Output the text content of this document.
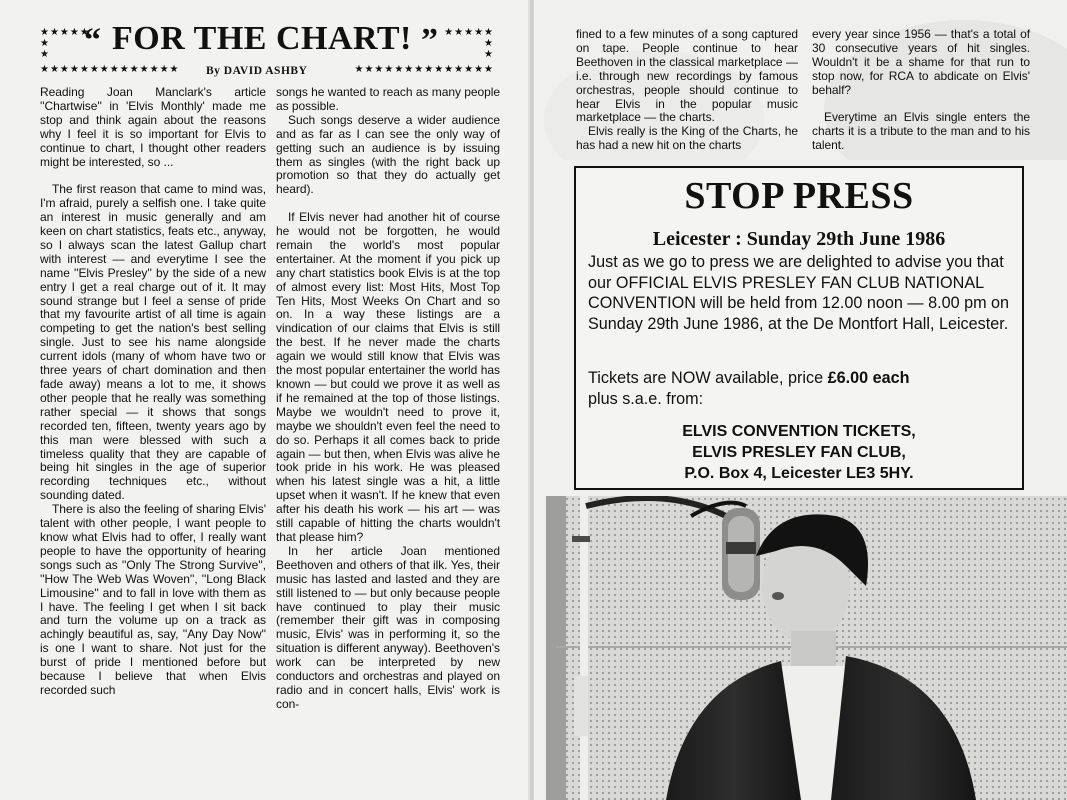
★★★★★
★
★ “ FOR THE CHART! ” ★★★★★
★
★
★★★★★★★★★★★★★★ By DAVID ASHBY	★★★★★★★★★★★★★★

Reading Joan Manclark's article ''Chartwise'' in 'Elvis Monthly' made me stop and think again about the reasons why I feel it is so important for Elvis to continue to chart, I thought other readers might be interested, so ...

The first reason that came to mind was, I'm afraid, purely a selfish one. I take quite an interest in music generally and am keen on chart statistics, feats etc., anyway, so I always scan the latest Gallup chart with interest — and everytime I see the name ''Elvis Presley'' by the side of a new entry I get a real charge out of it. It may sound strange but I feel a sense of pride that my favourite artist of all time is again competing to get the nation's best selling single. Just to see his name alongside current idols (many of whom have two or three years of chart domination and then fade away) means a lot to me, it shows other people that he really was something rather special — it shows that songs recorded ten, fifteen, twenty years ago by this man were blessed with such a timeless quality that they are capable of being hit singles in the age of superior recording techniques etc., without sounding dated.

There is also the feeling of sharing Elvis' talent with other people, I want people to know what Elvis had to offer, I really want people to have the opportunity of hearing songs such as ''Only The Strong Survive'', ''How The Web Was Woven'', ''Long Black Limousine'' and to fall in love with them as I have. The feeling I get when I sit back and turn the volume up on a track as achingly beautiful as, say, ''Any Day Now'' is one I want to share. Not just for the burst of pride I mentioned before but because I believe that when Elvis recorded such

songs he wanted to reach as many people as possible.

Such songs deserve a wider audience and as far as I can see the only way of getting such an audience is by issuing them as singles (with the right back up promotion so that they do actually get heard).

If Elvis never had another hit of course he would not be forgotten, he would remain the world's most popular entertainer. At the moment if you pick up any chart statistics book Elvis is at the top of almost every list: Most Hits, Most Top Ten Hits, Most Weeks On Chart and so on. In a way these listings are a vindication of our claims that Elvis is still the best. If he never made the charts again we would still know that Elvis was the most popular entertainer the world has known — but could we prove it as well as if he remained at the top of those listings. Maybe we wouldn't need to prove it, maybe we shouldn't even feel the need to do so. Perhaps it all comes back to pride again — but then, when Elvis was alive he took pride in his work. He was pleased when his latest single was a hit, a little upset when it wasn't. If he knew that even after his death his work — his art — was still capable of hitting the charts wouldn't that please him?

In her article Joan mentioned Beethoven and others of that ilk. Yes, their music has lasted and lasted and they are still listened to — but only because people have continued to play their music (remember their gift was in composing music, Elvis' was in performing it, so the situation is different anyway). Beethoven's work can be interpreted by new conductors and orchestras and played on radio and in concert halls, Elvis' work is con-

fined to a few minutes of a song captured on tape. People continue to hear Beethoven in the classical marketplace — i.e. through new recordings by famous orchestras, people should continue to hear Elvis in the popular music marketplace — the charts.

Elvis really is the King of the Charts, he has had a new hit on the charts

every year since 1956 — that's a total of 30 consecutive years of hit singles. Wouldn't it be a shame for that run to stop now, for RCA to abdicate on Elvis' behalf?

Everytime an Elvis single enters the charts it is a tribute to the man and to his talent.

STOP PRESS
Leicester : Sunday 29th June 1986
Just as we go to press we are delighted to advise you that our OFFICIAL ELVIS PRESLEY FAN CLUB NATIONAL CONVENTION will be held from 12.00 noon — 8.00 pm on Sunday 29th June 1986, at the De Montfort Hall, Leicester.
Tickets are NOW available, price £6.00 each
plus s.a.e. from:
ELVIS CONVENTION TICKETS,
ELVIS PRESLEY FAN CLUB,
P.O. Box 4, Leicester LE3 5HY.
